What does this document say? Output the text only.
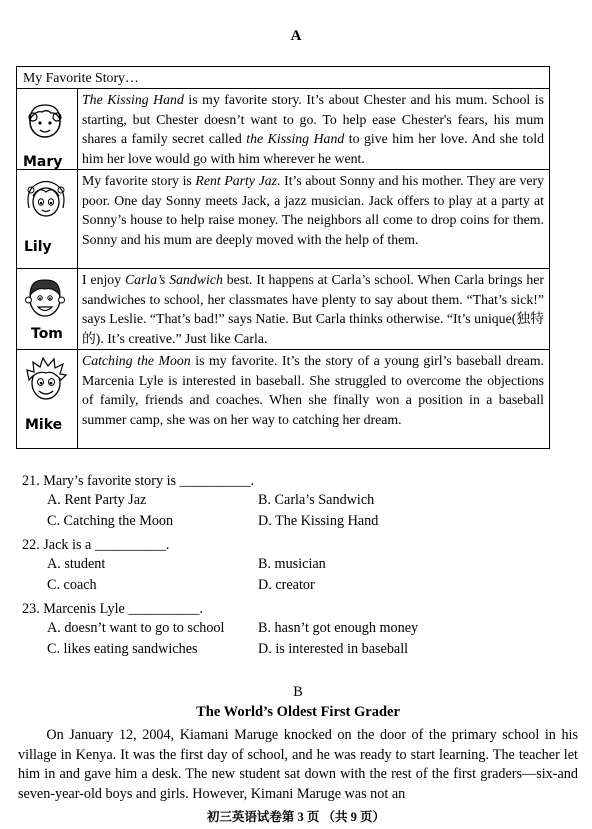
A
My Favorite Story…	

Mary	The Kissing Hand is my favorite story. It’s about Chester and his mum. School is starting, but Chester doesn’t want to go. To help ease Chester's fears, his mum shares a family secret called the Kissing Hand to give him her love. And she told him her love would go with him wherever he went.

Lily	My favorite story is Rent Party Jaz. It’s about Sonny and his mother. They are very poor. One day Sonny meets Jack, a jazz musician. Jack offers to play at a party at Sonny’s house to help raise money. The neighbors all come to drop coins for them. Sonny and his mum are deeply moved with the help of them.

Tom	I enjoy Carla’s Sandwich best. It happens at Carla’s school. When Carla brings her sandwiches to school, her classmates have plenty to say about them. “That’s sick!” says Leslie. “That’s bad!” says Natie. But Carla thinks otherwise. “It’s unique(独特的). It’s creative.” Just like Carla.

Mike	Catching the Moon is my favorite. It’s the story of a young girl’s baseball dream. Marcenia Lyle is interested in baseball. She struggled to overcome the objections of family, friends and coaches. When she finally won a position in a baseball summer camp, she was on her way to catching her dream.
21. Mary’s favorite story is __________.
A. Rent Party Jaz	B. Carla’s Sandwich
C. Catching the Moon	D. The Kissing Hand
22. Jack is a __________.
A. student	B. musician
C. coach	D. creator
23. Marcenis Lyle __________.
A. doesn’t want to go to school B. hasn’t got enough money
C. likes eating sandwiches	D. is interested in baseball
B
The World’s Oldest First Grader
On January 12, 2004, Kiamani Maruge knocked on the door of the primary school in his village in Kenya. It was the first day of school, and he was ready to start learning. The teacher let him in and gave him a desk. The new student sat down with the rest of the first graders—six-and seven-year-old boys and girls. However, Kimani Maruge was not an
初三英语试卷第 3 页 （共 9 页）
